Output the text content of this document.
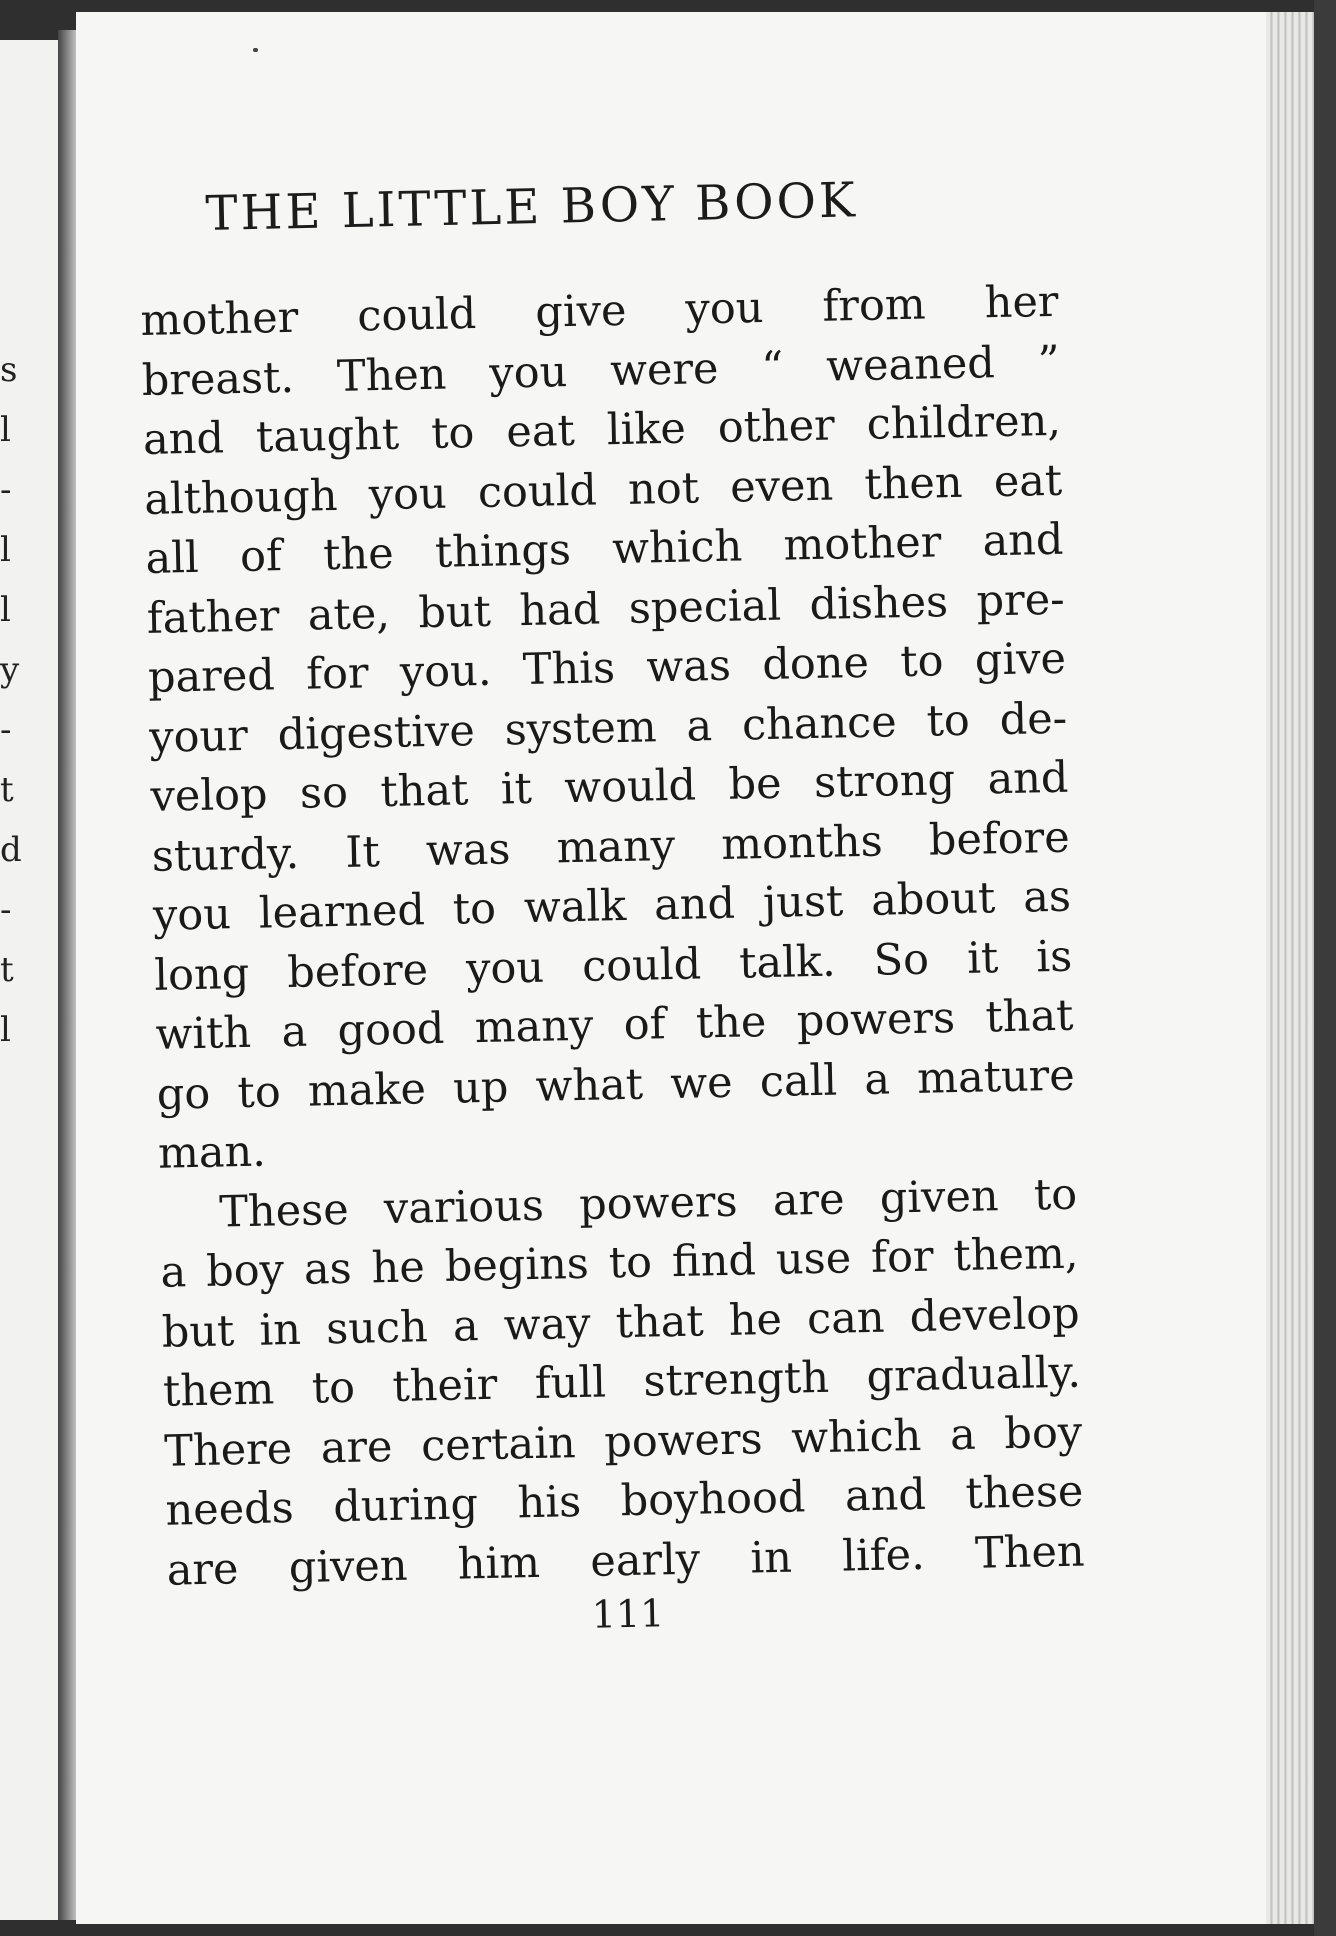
s
l
-
l
l
y
-
t
d
-
t
l
THE LITTLE BOY BOOK
mother could give you from her
breast. Then you were “ weaned ”
and taught to eat like other children,
although you could not even then eat
all of the things which mother and
father ate, but had special dishes pre-
pared for you. This was done to give
your digestive system a chance to de-
velop so that it would be strong and
sturdy. It was many months before
you learned to walk and just about as
long before you could talk. So it is
with a good many of the powers that
go to make up what we call a mature
man.
These various powers are given to
a boy as he begins to find use for them,
but in such a way that he can develop
them to their full strength gradually.
There are certain powers which a boy
needs during his boyhood and these
are given him early in life. Then

111
